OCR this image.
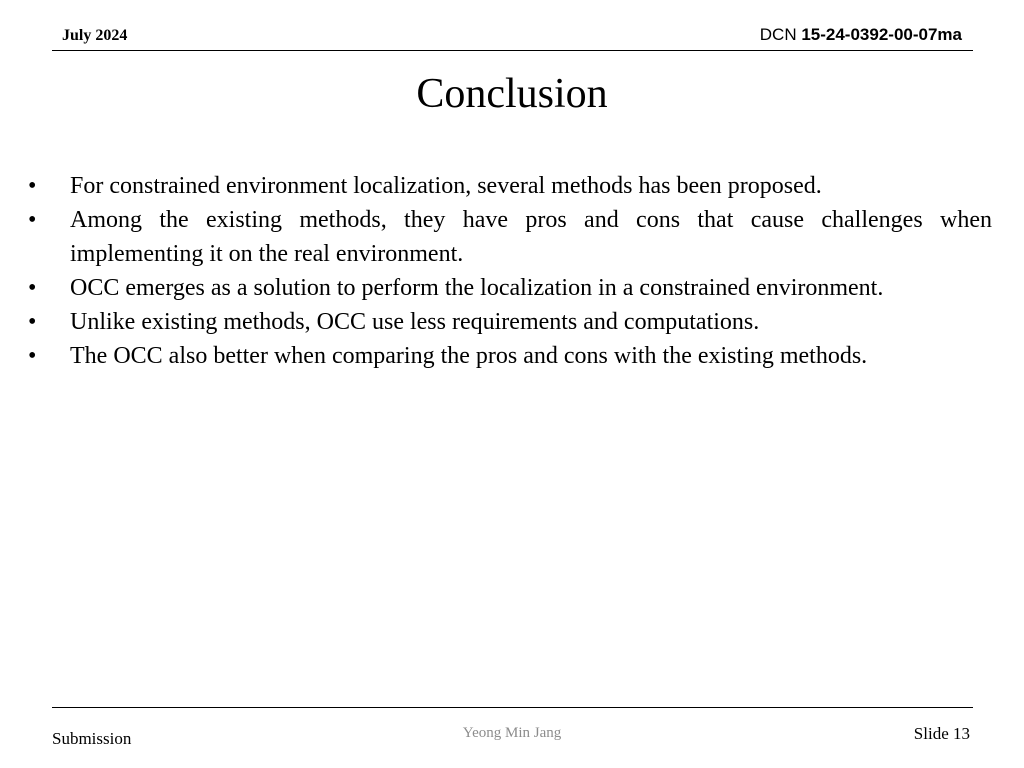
July 2024	DCN 15-24-0392-00-07ma
Conclusion
•	For constrained environment localization, several methods has been proposed.
•	Among the existing methods, they have pros and cons that cause challenges when implementing it on the real environment.
•	OCC emerges as a solution to perform the localization in a constrained environment.
•	Unlike existing methods, OCC use less requirements and computations.
•	The OCC also better when comparing the pros and cons with the existing methods.
Submission	Yeong Min Jang	Slide 13
